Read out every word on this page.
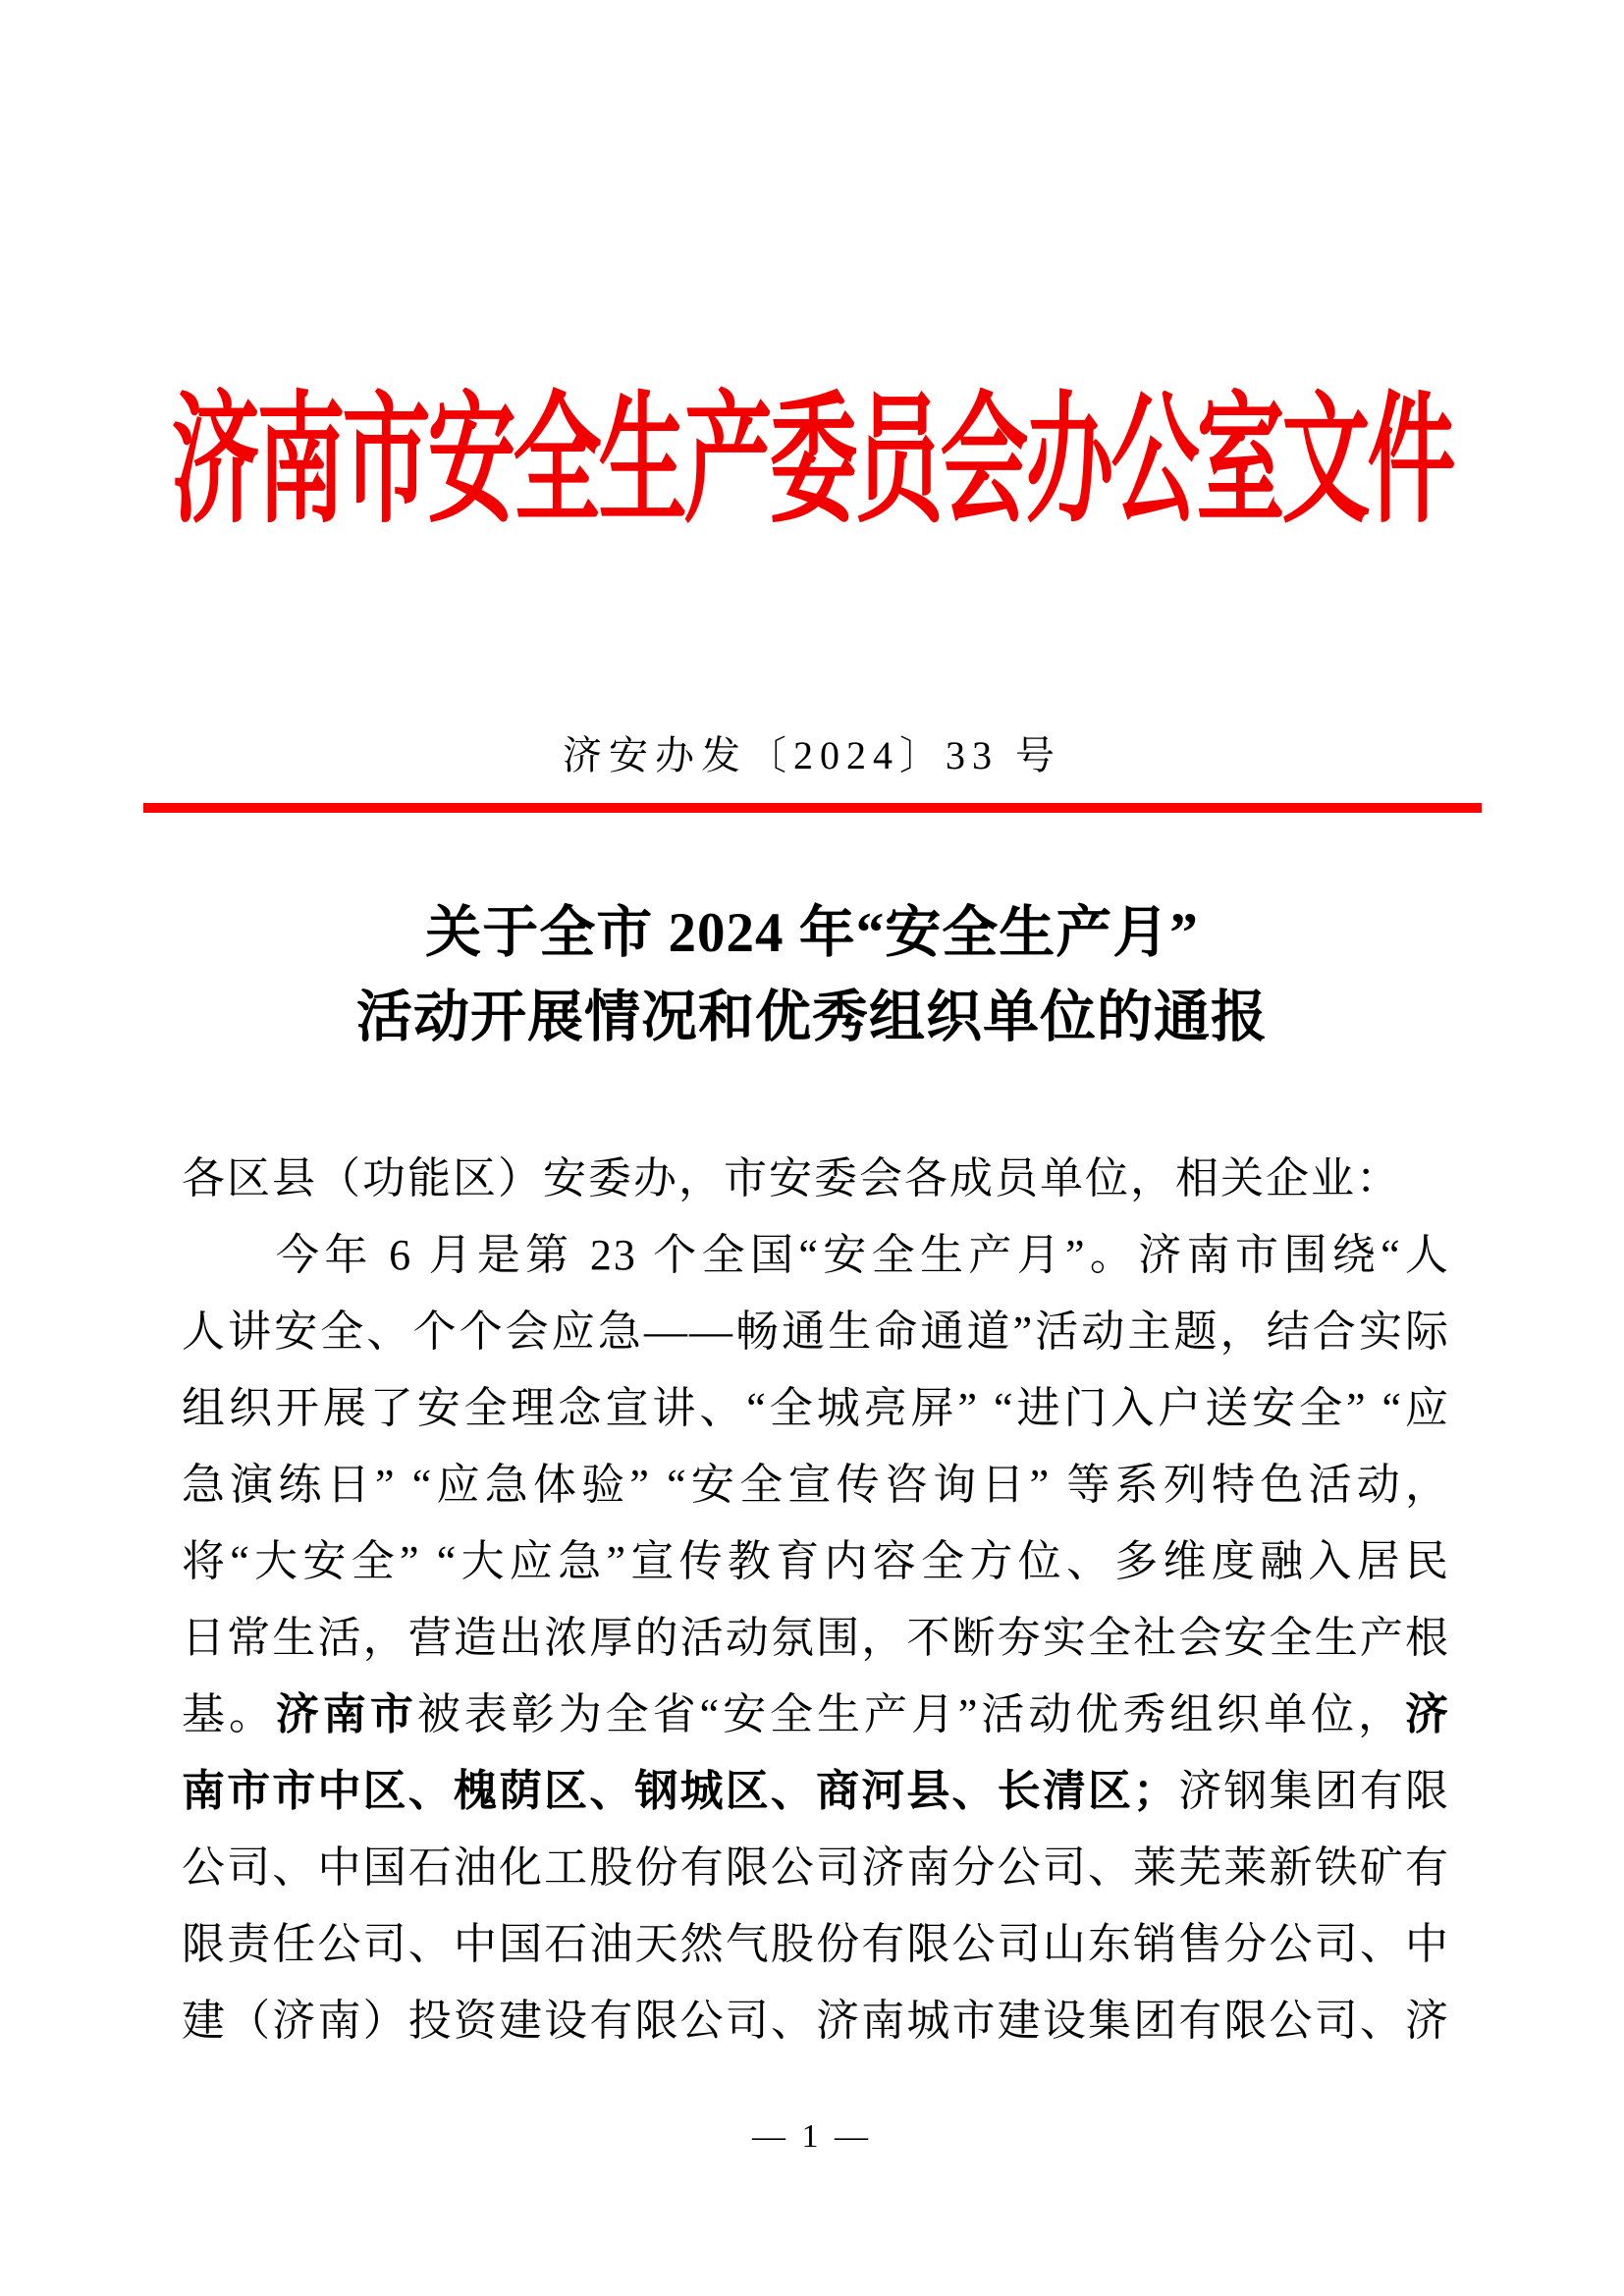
济南市安全生产委员会办公室文件
济安办发〔2024〕33 号
关于全市 2024 年“安全生产月”
活动开展情况和优秀组织单位的通报
各区县（功能区）安委办，市安委会各成员单位，相关企业：
今年 6 月是第 23 个全国“安全生产月”。济南市围绕“人
人讲安全、个个会应急——畅通生命通道”活动主题，结合实际
组织开展了安全理念宣讲、“全城亮屏” “进门入户送安全” “应
急演练日” “应急体验” “安全宣传咨询日” 等系列特色活动，
将“大安全” “大应急”宣传教育内容全方位、多维度融入居民
日常生活，营造出浓厚的活动氛围，不断夯实全社会安全生产根
基。济南市被表彰为全省“安全生产月”活动优秀组织单位，济
南市市中区、槐荫区、钢城区、商河县、长清区；济钢集团有限
公司、中国石油化工股份有限公司济南分公司、莱芜莱新铁矿有
限责任公司、中国石油天然气股份有限公司山东销售分公司、中
建（济南）投资建设有限公司、济南城市建设集团有限公司、济
— 1 —
